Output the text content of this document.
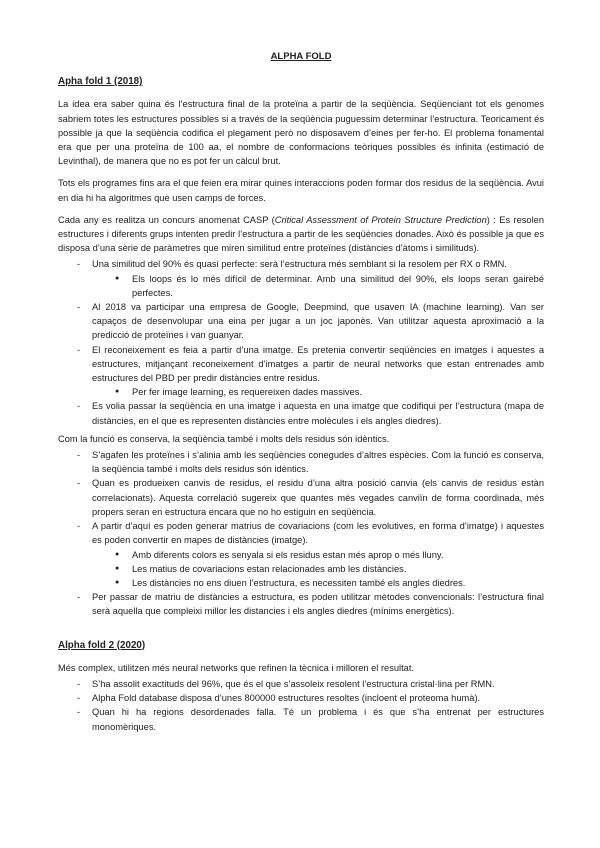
ALPHA FOLD
Apha fold 1 (2018)

La idea era saber quina és l’estructura final de la proteïna a partir de la seqüència. Seqüenciant tot els genomes sabriem totes les estructures possibles si a través de la seqüència puguessim determinar l’estructura. Teoricament és possible ja que la seqüència codifica el plegament però no disposavem d’eines per fer-ho. El problema fonamental era que per una proteïna de 100 aa, el nombre de conformacions teòriques possibles és infinita (estimació de Levinthal), de manera que no es pot fer un càlcul brut.

Tots els programes fins ara el que feien era mirar quines interaccions poden formar dos residus de la seqüència. Avui en dia hi ha algoritmes que usen camps de forces.

Cada any es realitza un concurs anomenat CASP (Critical Assessment of Protein Structure Prediction) : Es resolen estructures i diferents grups intenten predir l’estructura a partir de les seqüències donades. Això és possible ja que es disposa d’una sèrie de paràmetres que miren similitud entre proteïnes (distàncies d’àtoms i similituds).

- Una similitud del 90% és quasi perfecte: serà l’estructura més semblant si la resolem per RX o RMN.
● Els loops és lo més difícil de determinar. Amb una similitud del 90%, els loops seran gairebé perfectes.
- Al 2018 va participar una empresa de Google, Deepmind, que usaven IA (machine learning). Van ser capaços de desenvolupar una eina per jugar a un joc japonès. Van utilitzar aquesta aproximació a la predicció de proteïnes i van guanyar.
- El reconeixement es feia a partir d’una imatge. Es pretenia convertir seqüències en imatges i aquestes a estructures, mitjançant reconeixement d’imatges a partir de neural networks que estan entrenades amb estructures del PBD per predir distàncies entre residus.
● Per fer image learning, es requereixen dades massives.
- Es volia passar la seqüència en una imatge i aquesta en una imatge que codifiqui per l’estructura (mapa de distàncies, en el que es representen distàncies entre molècules i els angles diedres).

Com la funció es conserva, la seqüència també i molts dels residus són idèntics.

- S’agafen les proteïnes i s’alinia amb les seqüències conegudes d’altres espècies. Com la funció es conserva, la seqüència també i molts dels residus són idèntics.
- Quan es produeixen canvis de residus, el residu d’una altra posició canvia (els canvis de residus estàn correlacionats). Aquesta correlació sugereix que quantes més vegades canviïn de forma coordinada, més propers seran en estructura encara que no ho estiguin en seqüència.
- A partir d’aquí es poden generar matrius de covariacions (com les evolutives, en forma d’imatge) i aquestes es poden convertir en mapes de distàncies (imatge).
● Amb diferents colors es senyala si els residus estan més aprop o més lluny.
● Les matius de covariacions estan relacionades amb les distàncies.
● Les distàncies no ens diuen l’estructura, es necessiten també els angles diedres.
- Per passar de matriu de distàncies a estructura, es poden utilitzar mètodes convencionals: l’estructura final serà aquella que compleixi millor les distancies i els angles diedres (mínims energètics).
Alpha fold 2 (2020)

Més complex, utilitzen més neural networks que refinen la tècnica i milloren el resultat.

- S’ha assolit exactituds del 96%, que és el que s’assoleix resolent l’estructura cristal·lina per RMN.
- Alpha Fold database disposa d’unes 800000 estructures resoltes (incloent el proteoma humà).
- Quan hi ha regions desordenades falla. Té un problema i és que s’ha entrenat per estructures monomèriques.
